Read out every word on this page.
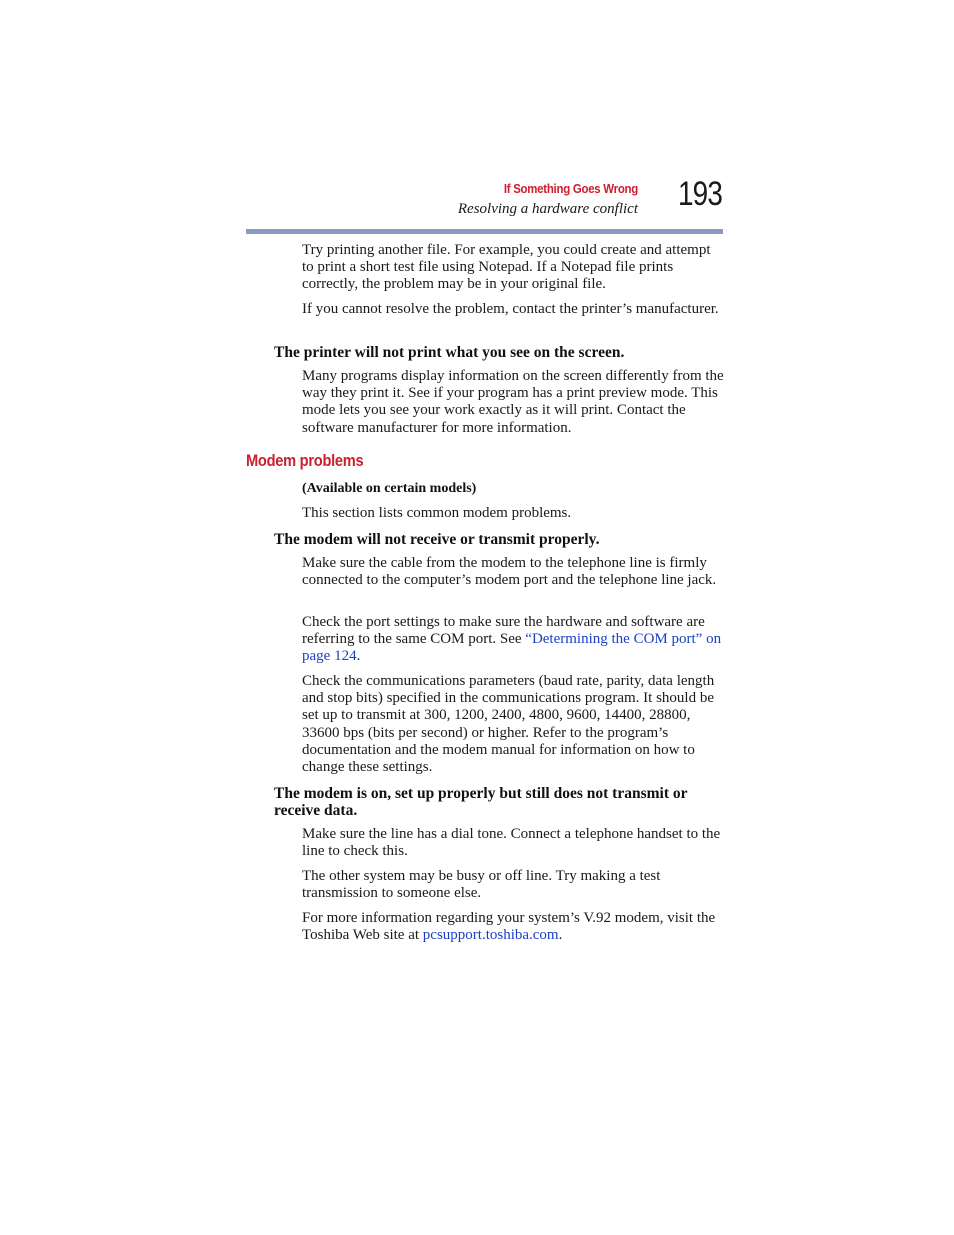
If Something Goes Wrong
Resolving a hardware conflict 193
Try printing another file. For example, you could create and attempt to print a short test file using Notepad. If a Notepad file prints correctly, the problem may be in your original file.
If you cannot resolve the problem, contact the printer’s manufacturer.
The printer will not print what you see on the screen.
Many programs display information on the screen differently from the way they print it. See if your program has a print preview mode. This mode lets you see your work exactly as it will print. Contact the software manufacturer for more information.
Modem problems
(Available on certain models)
This section lists common modem problems.
The modem will not receive or transmit properly.
Make sure the cable from the modem to the telephone line is firmly connected to the computer’s modem port and the telephone line jack.
Check the port settings to make sure the hardware and software are referring to the same COM port. See “Determining the COM port” on page 124.
Check the communications parameters (baud rate, parity, data length and stop bits) specified in the communications program. It should be set up to transmit at 300, 1200, 2400, 4800, 9600, 14400, 28800, 33600 bps (bits per second) or higher. Refer to the program’s documentation and the modem manual for information on how to change these settings.
The modem is on, set up properly but still does not transmit or receive data.
Make sure the line has a dial tone. Connect a telephone handset to the line to check this.
The other system may be busy or off line. Try making a test transmission to someone else.
For more information regarding your system’s V.92 modem, visit the Toshiba Web site at pcsupport.toshiba.com.
